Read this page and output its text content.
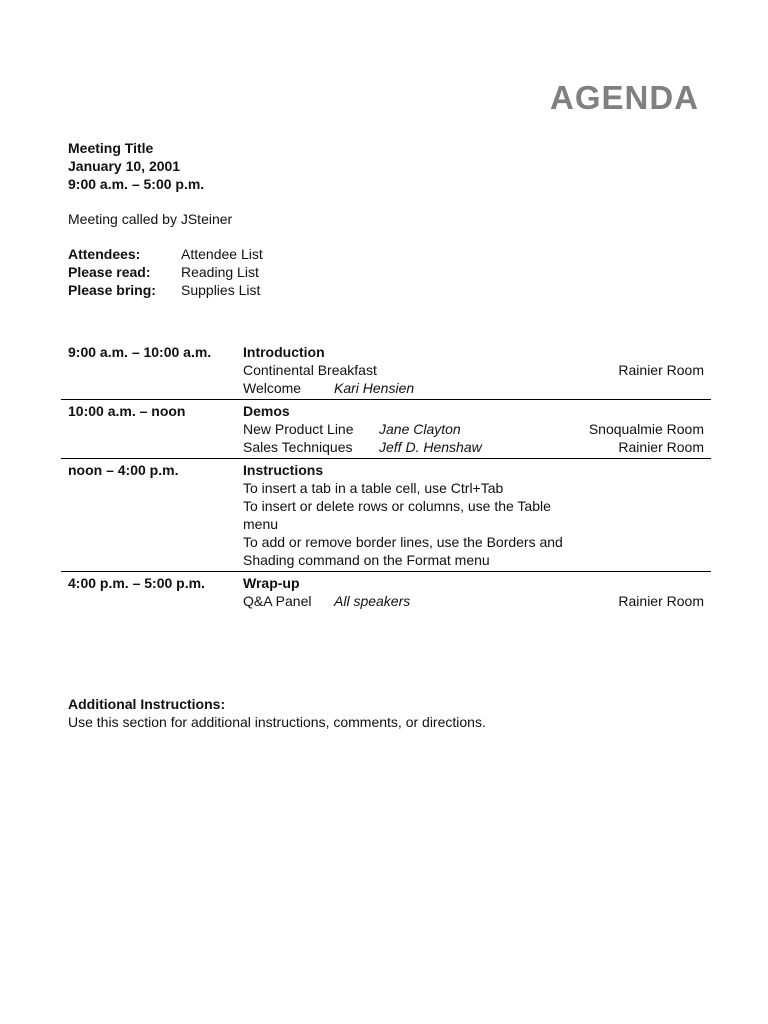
AGENDA
Meeting Title
January 10, 2001
9:00 a.m. – 5:00 p.m.
Meeting called by JSteiner
Attendees:	Attendee List
Please read:	Reading List
Please bring:	Supplies List
9:00 a.m. – 10:00 a.m.	Introduction
Continental Breakfast	Rainier Room
Welcome	Kari Hensien
10:00 a.m. – noon	Demos
New Product Line	Jane Clayton	Snoqualmie Room
Sales Techniques	Jeff D. Henshaw	Rainier Room
noon – 4:00 p.m.	Instructions
To insert a tab in a table cell, use Ctrl+Tab
To insert or delete rows or columns, use the Table menu
To add or remove border lines, use the Borders and Shading command on the Format menu
4:00 p.m. – 5:00 p.m.	Wrap-up
Q&A Panel	All speakers	Rainier Room
Additional Instructions:
Use this section for additional instructions, comments, or directions.
